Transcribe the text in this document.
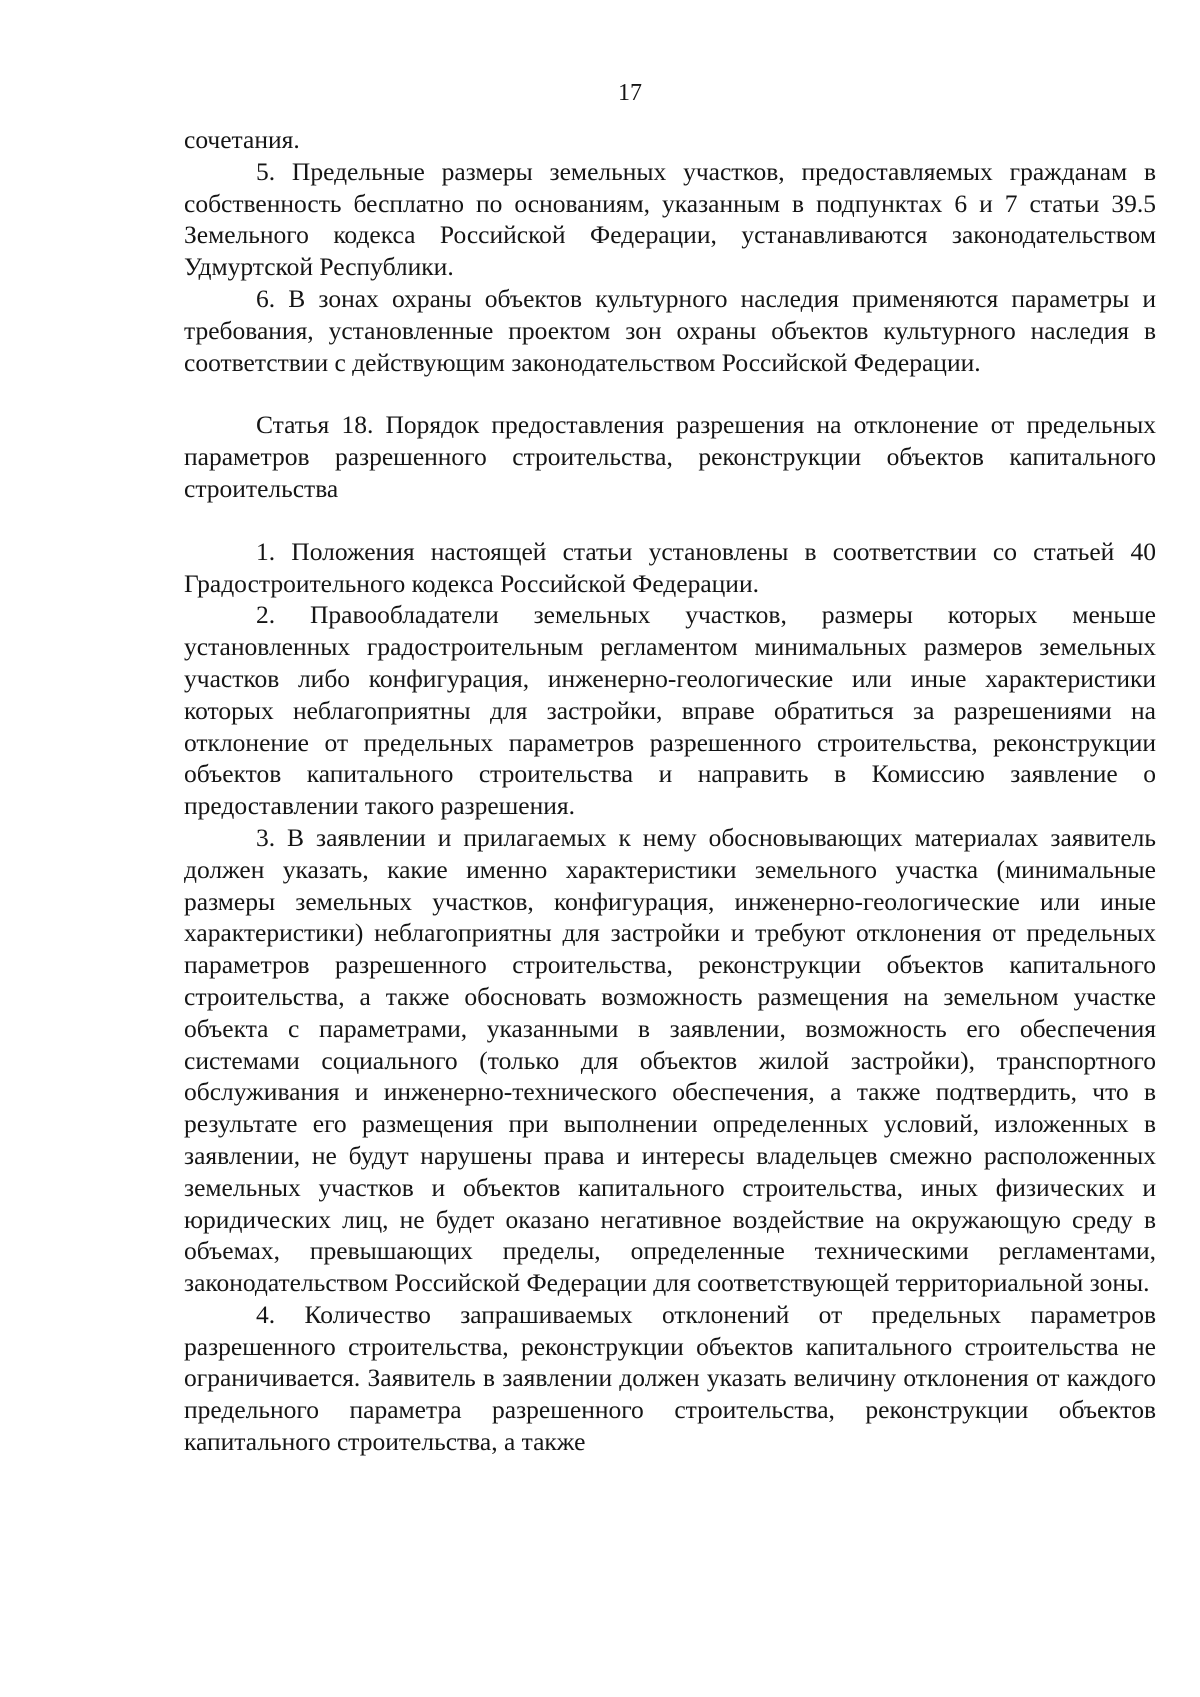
17

сочетания.

5. Предельные размеры земельных участков, предоставляемых гражданам в собственность бесплатно по основаниям, указанным в подпунктах 6 и 7 статьи 39.5 Земельного кодекса Российской Федерации, устанавливаются законодательством Удмуртской Республики.

6. В зонах охраны объектов культурного наследия применяются параметры и требования, установленные проектом зон охраны объектов культурного наследия в соответствии с действующим законодательством Российской Федерации.

Статья 18. Порядок предоставления разрешения на отклонение от предельных параметров разрешенного строительства, реконструкции объектов капитального строительства

1. Положения настоящей статьи установлены в соответствии со статьей 40 Градостроительного кодекса Российской Федерации.

2. Правообладатели земельных участков, размеры которых меньше установленных градостроительным регламентом минимальных размеров земельных участков либо конфигурация, инженерно-геологические или иные характеристики которых неблагоприятны для застройки, вправе обратиться за разрешениями на отклонение от предельных параметров разрешенного строительства, реконструкции объектов капитального строительства и направить в Комиссию заявление о предоставлении такого разрешения.

3. В заявлении и прилагаемых к нему обосновывающих материалах заявитель должен указать, какие именно характеристики земельного участка (минимальные размеры земельных участков, конфигурация, инженерно-геологические или иные характеристики) неблагоприятны для застройки и требуют отклонения от предельных параметров разрешенного строительства, реконструкции объектов капитального строительства, а также обосновать возможность размещения на земельном участке объекта с параметрами, указанными в заявлении, возможность его обеспечения системами социального (только для объектов жилой застройки), транспортного обслуживания и инженерно-технического обеспечения, а также подтвердить, что в результате его размещения при выполнении определенных условий, изложенных в заявлении, не будут нарушены права и интересы владельцев смежно расположенных земельных участков и объектов капитального строительства, иных физических и юридических лиц, не будет оказано негативное воздействие на окружающую среду в объемах, превышающих пределы, определенные техническими регламентами, законодательством Российской Федерации для соответствующей территориальной зоны.

4. Количество запрашиваемых отклонений от предельных параметров разрешенного строительства, реконструкции объектов капитального строительства не ограничивается. Заявитель в заявлении должен указать величину отклонения от каждого предельного параметра разрешенного строительства, реконструкции объектов капитального строительства, а также
